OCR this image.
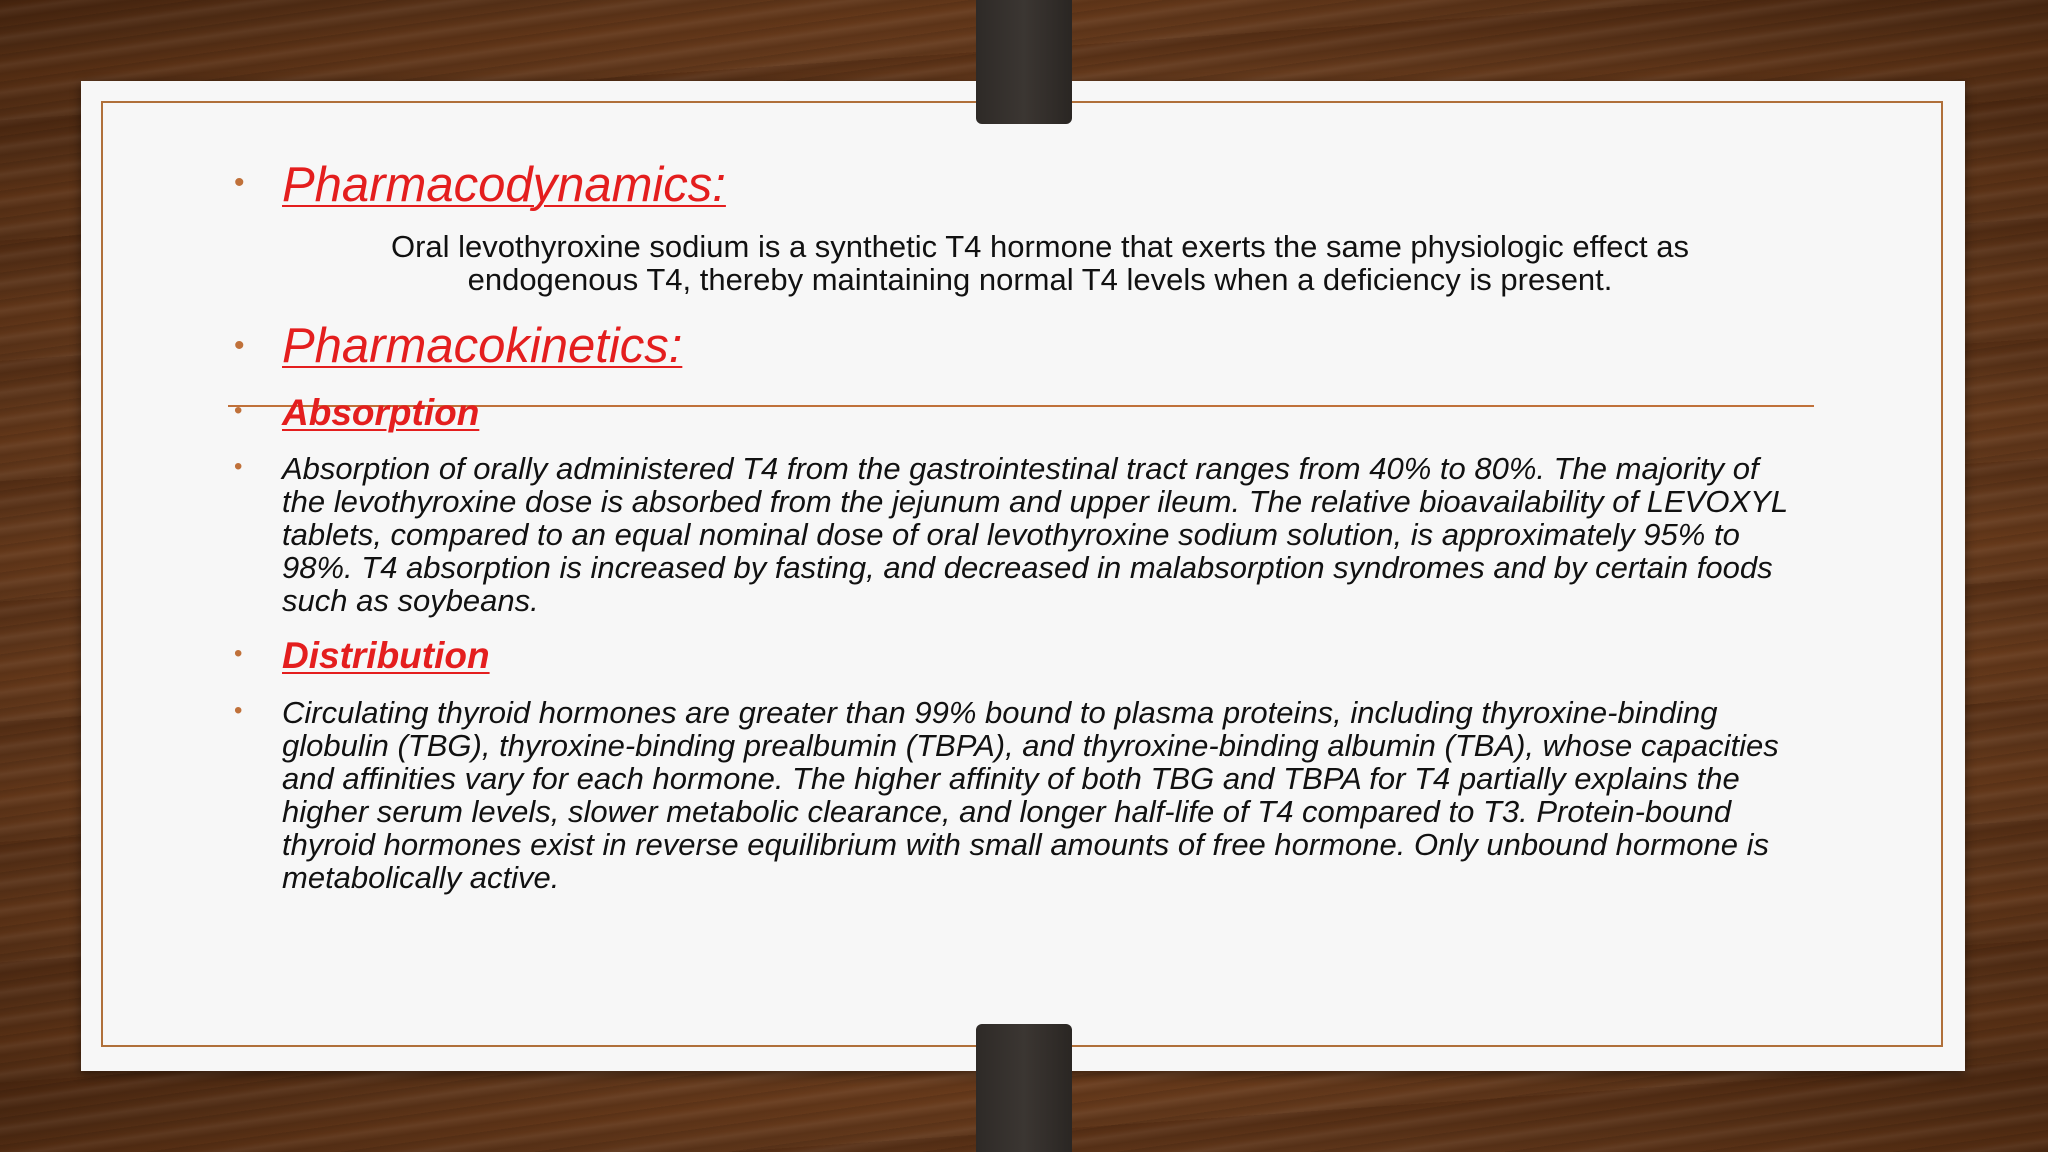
• Pharmacodynamics:
Oral levothyroxine sodium is a synthetic T4 hormone that exerts the same physiologic effect as
endogenous T4, thereby maintaining normal T4 levels when a deficiency is present.
• Pharmacokinetics:
• Absorption
• Absorption of orally administered T4 from the gastrointestinal tract ranges from 40% to 80%. The majority of the levothyroxine dose is absorbed from the jejunum and upper ileum. The relative bioavailability of LEVOXYL tablets, compared to an equal nominal dose of oral levothyroxine sodium solution, is approximately 95% to 98%. T4 absorption is increased by fasting, and decreased in malabsorption syndromes and by certain foods such as soybeans.
• Distribution
• Circulating thyroid hormones are greater than 99% bound to plasma proteins, including thyroxine-binding globulin (TBG), thyroxine-binding prealbumin (TBPA), and thyroxine-binding albumin (TBA), whose capacities and affinities vary for each hormone. The higher affinity of both TBG and TBPA for T4 partially explains the higher serum levels, slower metabolic clearance, and longer half-life of T4 compared to T3. Protein-bound thyroid hormones exist in reverse equilibrium with small amounts of free hormone. Only unbound hormone is metabolically active.
